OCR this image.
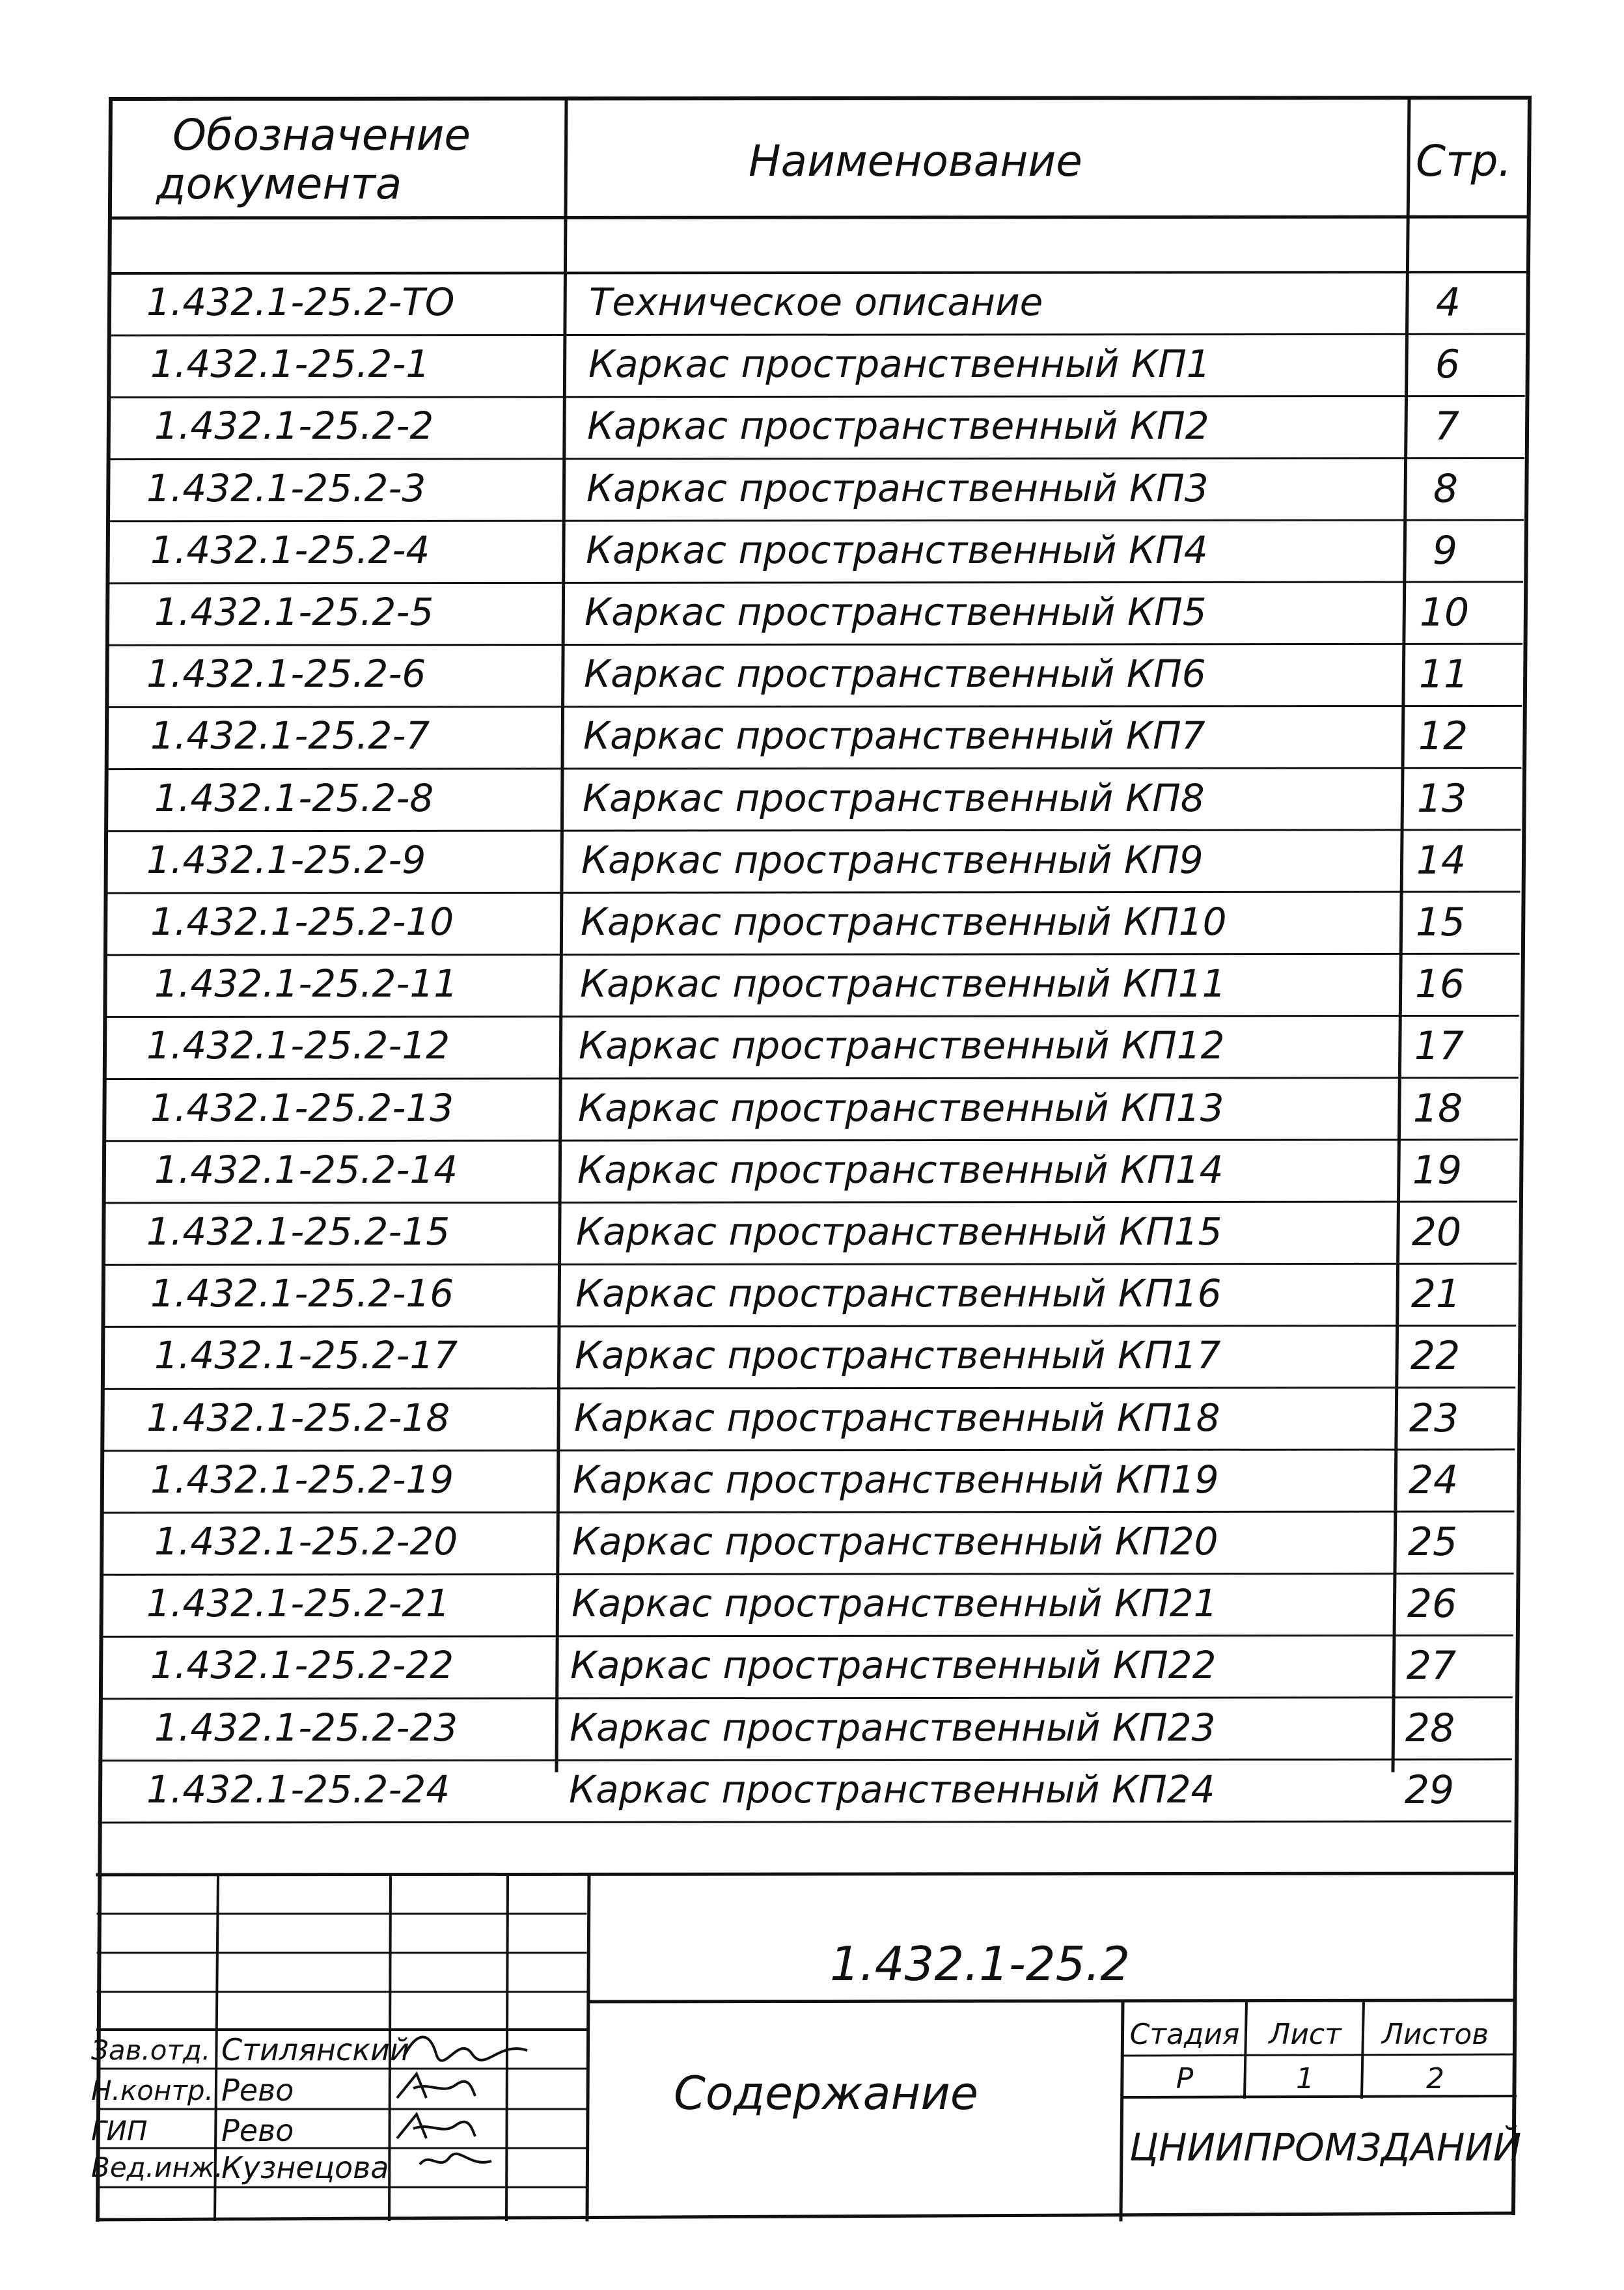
Обозначение
документа	Наименование	Стр.
1.432.1-25.2-ТО	Техническое описание	4
1.432.1-25.2-1	Каркас пространственный КП1	6
1.432.1-25.2-2	Каркас пространственный КП2	7
1.432.1-25.2-3	Каркас пространственный КП3	8
1.432.1-25.2-4	Каркас пространственный КП4	9
1.432.1-25.2-5	Каркас пространственный КП5	10
1.432.1-25.2-6	Каркас пространственный КП6	11
1.432.1-25.2-7	Каркас пространственный КП7	12
1.432.1-25.2-8	Каркас пространственный КП8	13
1.432.1-25.2-9	Каркас пространственный КП9	14
1.432.1-25.2-10	Каркас пространственный КП10	15
1.432.1-25.2-11	Каркас пространственный КП11	16
1.432.1-25.2-12	Каркас пространственный КП12	17
1.432.1-25.2-13	Каркас пространственный КП13	18
1.432.1-25.2-14	Каркас пространственный КП14	19
1.432.1-25.2-15	Каркас пространственный КП15	20
1.432.1-25.2-16	Каркас пространственный КП16	21
1.432.1-25.2-17	Каркас пространственный КП17	22
1.432.1-25.2-18	Каркас пространственный КП18	23
1.432.1-25.2-19	Каркас пространственный КП19	24
1.432.1-25.2-20	Каркас пространственный КП20	25
1.432.1-25.2-21	Каркас пространственный КП21	26
1.432.1-25.2-22	Каркас пространственный КП22	27
1.432.1-25.2-23	Каркас пространственный КП23	28
1.432.1-25.2-24	Каркас пространственный КП24	29
1.432.1-25.2
Содержание
Стадия	Лист	Листов
Р	1	2
ЦНИИПРОМЗДАНИЙ
Зав.отд. Стилянский
Н.контр. Рево
ГИП Рево
Вед.инж.
Кузнецова
